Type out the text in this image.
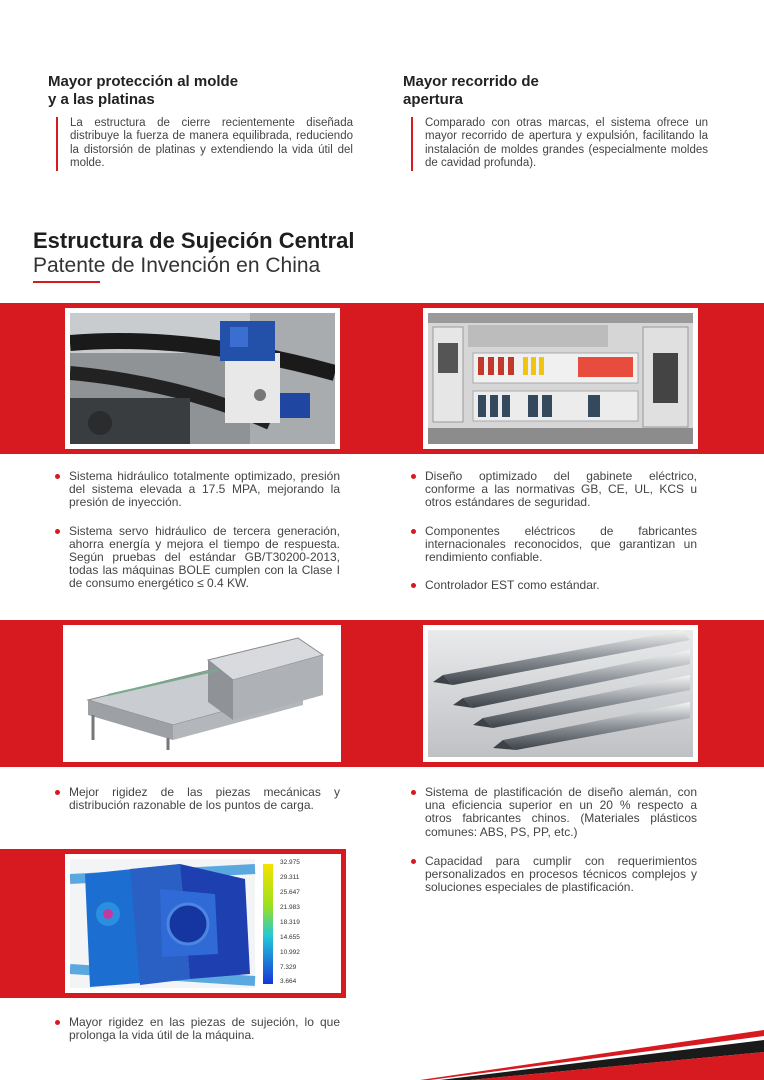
Mayor protección al molde y a las platinas
La estructura de cierre recientemente diseñada distribuye la fuerza de manera equilibrada, reduciendo la distorsión de platinas y extendiendo la vida útil del molde.
Mayor recorrido de apertura
Comparado con otras marcas, el sistema ofrece un mayor recorrido de apertura y expulsión, facilitando la instalación de moldes grandes (especialmente moldes de cavidad profunda).
Estructura de Sujeción Central
Patente de Invención en China
Sistema hidráulico totalmente optimizado, presión del sistema elevada a 17.5 MPA, mejorando la presión de inyección.
Sistema servo hidráulico de tercera generación, ahorra energía y mejora el tiempo de respuesta. Según pruebas del estándar GB/T30200-2013, todas las máquinas BOLE cumplen con la Clase I de consumo energético ≤ 0.4 KW.
Diseño optimizado del gabinete eléctrico, conforme a las normativas GB, CE, UL, KCS u otros estándares de seguridad.
Componentes eléctricos de fabricantes internacionales reconocidos, que garantizan un rendimiento confiable.
Controlador EST como estándar.
Mejor rigidez de las piezas mecánicas y distribución razonable de los puntos de carga.
Sistema de plastificación de diseño alemán, con una eficiencia superior en un 20 % respecto a otros fabricantes chinos. (Materiales plásticos comunes: ABS, PS, PP, etc.)
Capacidad para cumplir con requerimientos personalizados en procesos técnicos complejos y soluciones especiales de plastificación.
32.975
29.311
25.647
21.983
18.319
14.655
10.992
7.329
3.664
Mayor rigidez en las piezas de sujeción, lo que prolonga la vida útil de la máquina.
